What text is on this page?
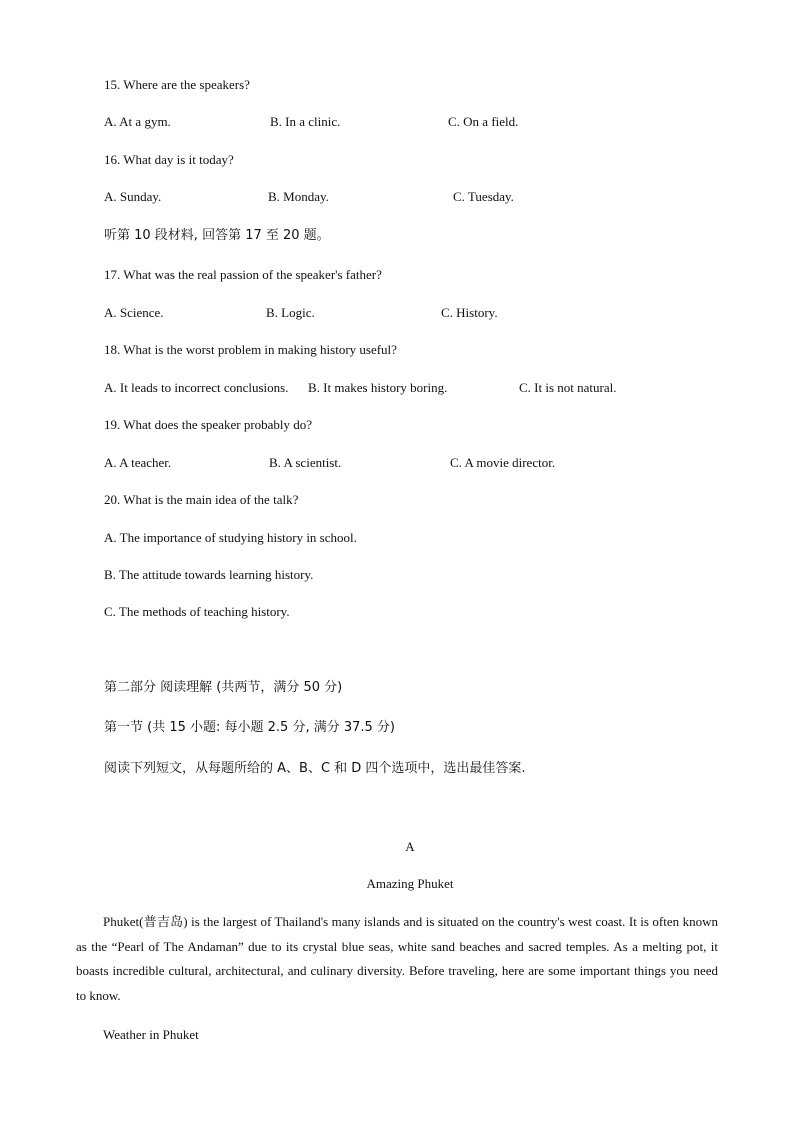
15. Where are the speakers?
A. At a gym.	B. In a clinic.	C. On a field.
16. What day is it today?
A. Sunday.	B. Monday.	C. Tuesday.
听第 10 段材料, 回答第 17 至 20 题。
17. What was the real passion of the speaker's father?
A. Science.	B. Logic.	C. History.
18. What is the worst problem in making history useful?
A. It leads to incorrect conclusions. B. It makes history boring.	C. It is not natural.
19. What does the speaker probably do?
A. A teacher.	B. A scientist.	C. A movie director.
20. What is the main idea of the talk?
A. The importance of studying history in school.
B. The attitude towards learning history.
C. The methods of teaching history.
第二部分 阅读理解 (共两节，满分 50 分)
第一节 (共 15 小题: 每小题 2.5 分, 满分 37.5 分)
阅读下列短文，从每题所给的 A、B、C 和 D 四个选项中，选出最佳答案.
A
Amazing Phuket
Phuket(普吉岛) is the largest of Thailand's many islands and is situated on the country's west coast. It is often known as the “Pearl of The Andaman” due to its crystal blue seas, white sand beaches and sacred temples. As a melting pot, it boasts incredible cultural, architectural, and culinary diversity. Before traveling, here are some important things you need to know.
Weather in Phuket
